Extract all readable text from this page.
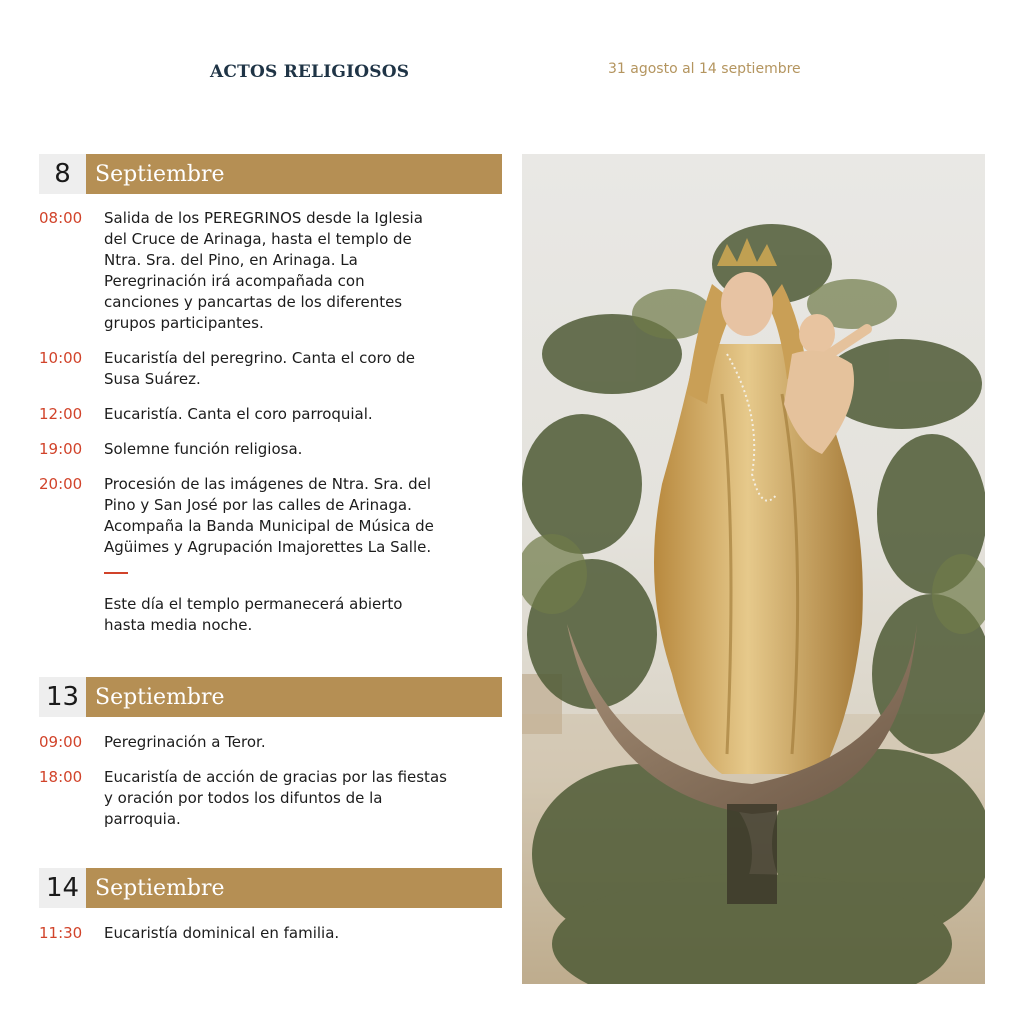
ACTOS RELIGIOSOS	31 agosto al 14 septiembre
8	Septiembre
08:00	Salida de los PEREGRINOS desde la Iglesia del Cruce de Arinaga, hasta el templo de Ntra. Sra. del Pino, en Arinaga. La Peregrinación irá acompañada con canciones y pancartas de los diferentes grupos participantes.
10:00	Eucaristía del peregrino. Canta el coro de Susa Suárez.
12:00	Eucaristía. Canta el coro parroquial.
19:00	Solemne función religiosa.
20:00	Procesión de las imágenes de Ntra. Sra. del Pino y San José por las calles de Arinaga. Acompaña la Banda Municipal de Música de Agüimes y Agrupación Imajorettes La Salle.
Este día el templo permanecerá abierto hasta media noche.
13 Septiembre
09:00	Peregrinación a Teror.
18:00	Eucaristía de acción de gracias por las fiestas y oración por todos los difuntos de la parroquia.
14 Septiembre
11:30	Eucaristía dominical en familia.
